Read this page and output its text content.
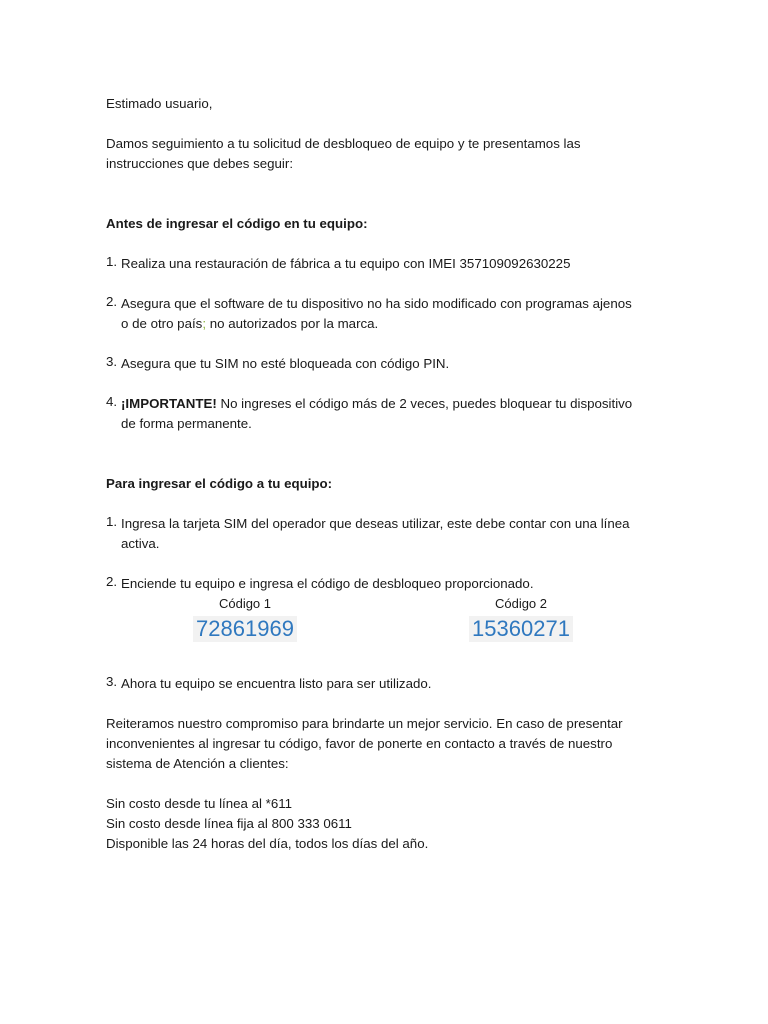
Estimado usuario,
Damos seguimiento a tu solicitud de desbloqueo de equipo y te presentamos las
instrucciones que debes seguir:
Antes de ingresar el código en tu equipo:
1. Realiza una restauración de fábrica a tu equipo con IMEI 357109092630225
2. Asegura que el software de tu dispositivo no ha sido modificado con programas ajenos
o de otro país; no autorizados por la marca.
3. Asegura que tu SIM no esté bloqueada con código PIN.
4. ¡IMPORTANTE! No ingreses el código más de 2 veces, puedes bloquear tu dispositivo
de forma permanente.
Para ingresar el código a tu equipo:
1. Ingresa la tarjeta SIM del operador que deseas utilizar, este debe contar con una línea
activa.
2. Enciende tu equipo e ingresa el código de desbloqueo proporcionado.
Código 1
72861969
Código 2
15360271
3. Ahora tu equipo se encuentra listo para ser utilizado.
Reiteramos nuestro compromiso para brindarte un mejor servicio. En caso de presentar
inconvenientes al ingresar tu código, favor de ponerte en contacto a través de nuestro
sistema de Atención a clientes:
Sin costo desde tu línea al *611
Sin costo desde línea fija al 800 333 0611
Disponible las 24 horas del día, todos los días del año.
